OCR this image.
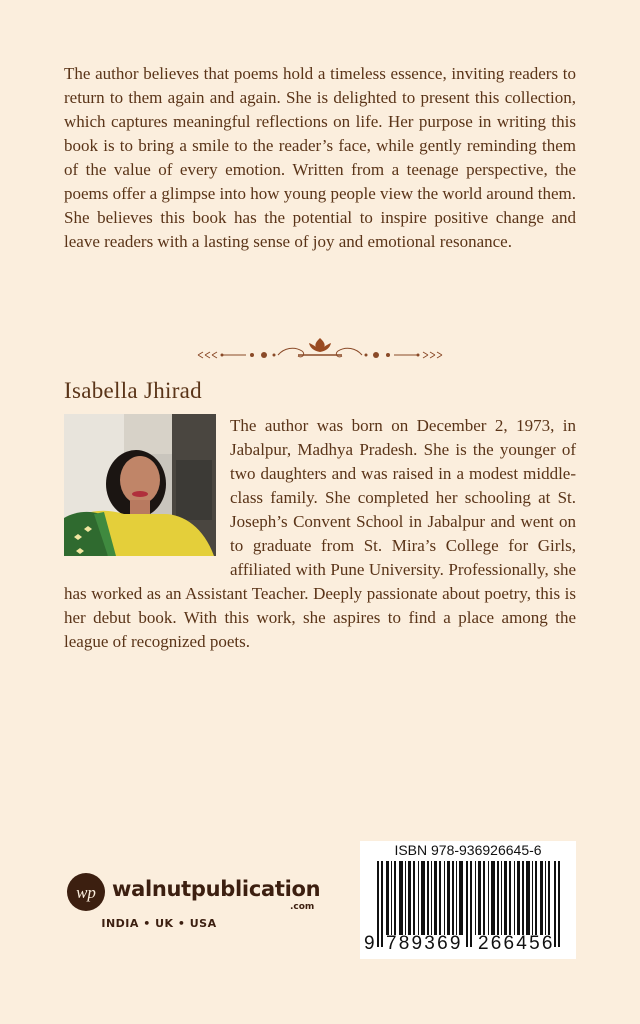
The author believes that poems hold a timeless essence, inviting readers to return to them again and again. She is delighted to present this collection, which captures meaningful reflections on life. Her purpose in writing this book is to bring a smile to the reader’s face, while gently reminding them of the value of every emotion. Written from a teenage perspective, the poems offer a glimpse into how young people view the world around them. She believes this book has the potential to inspire positive change and leave readers with a lasting sense of joy and emotional resonance.

Isabella Jhirad
The author was born on December 2, 1973, in Jabalpur, Madhya Pradesh. She is the younger of two daughters and was raised in a modest middle-class family. She completed her schooling at St. Joseph’s Convent School in Jabalpur and went on to graduate from St. Mira’s College for Girls, affiliated with Pune University. Professionally, she has worked as an Assistant Teacher. Deeply passionate about poetry, this is her debut book. With this work, she aspires to find a place among the league of recognized poets.
wp walnutpublication
.com
INDIA • UK • USA
ISBN 978-936926645-6
9 789369 266456
